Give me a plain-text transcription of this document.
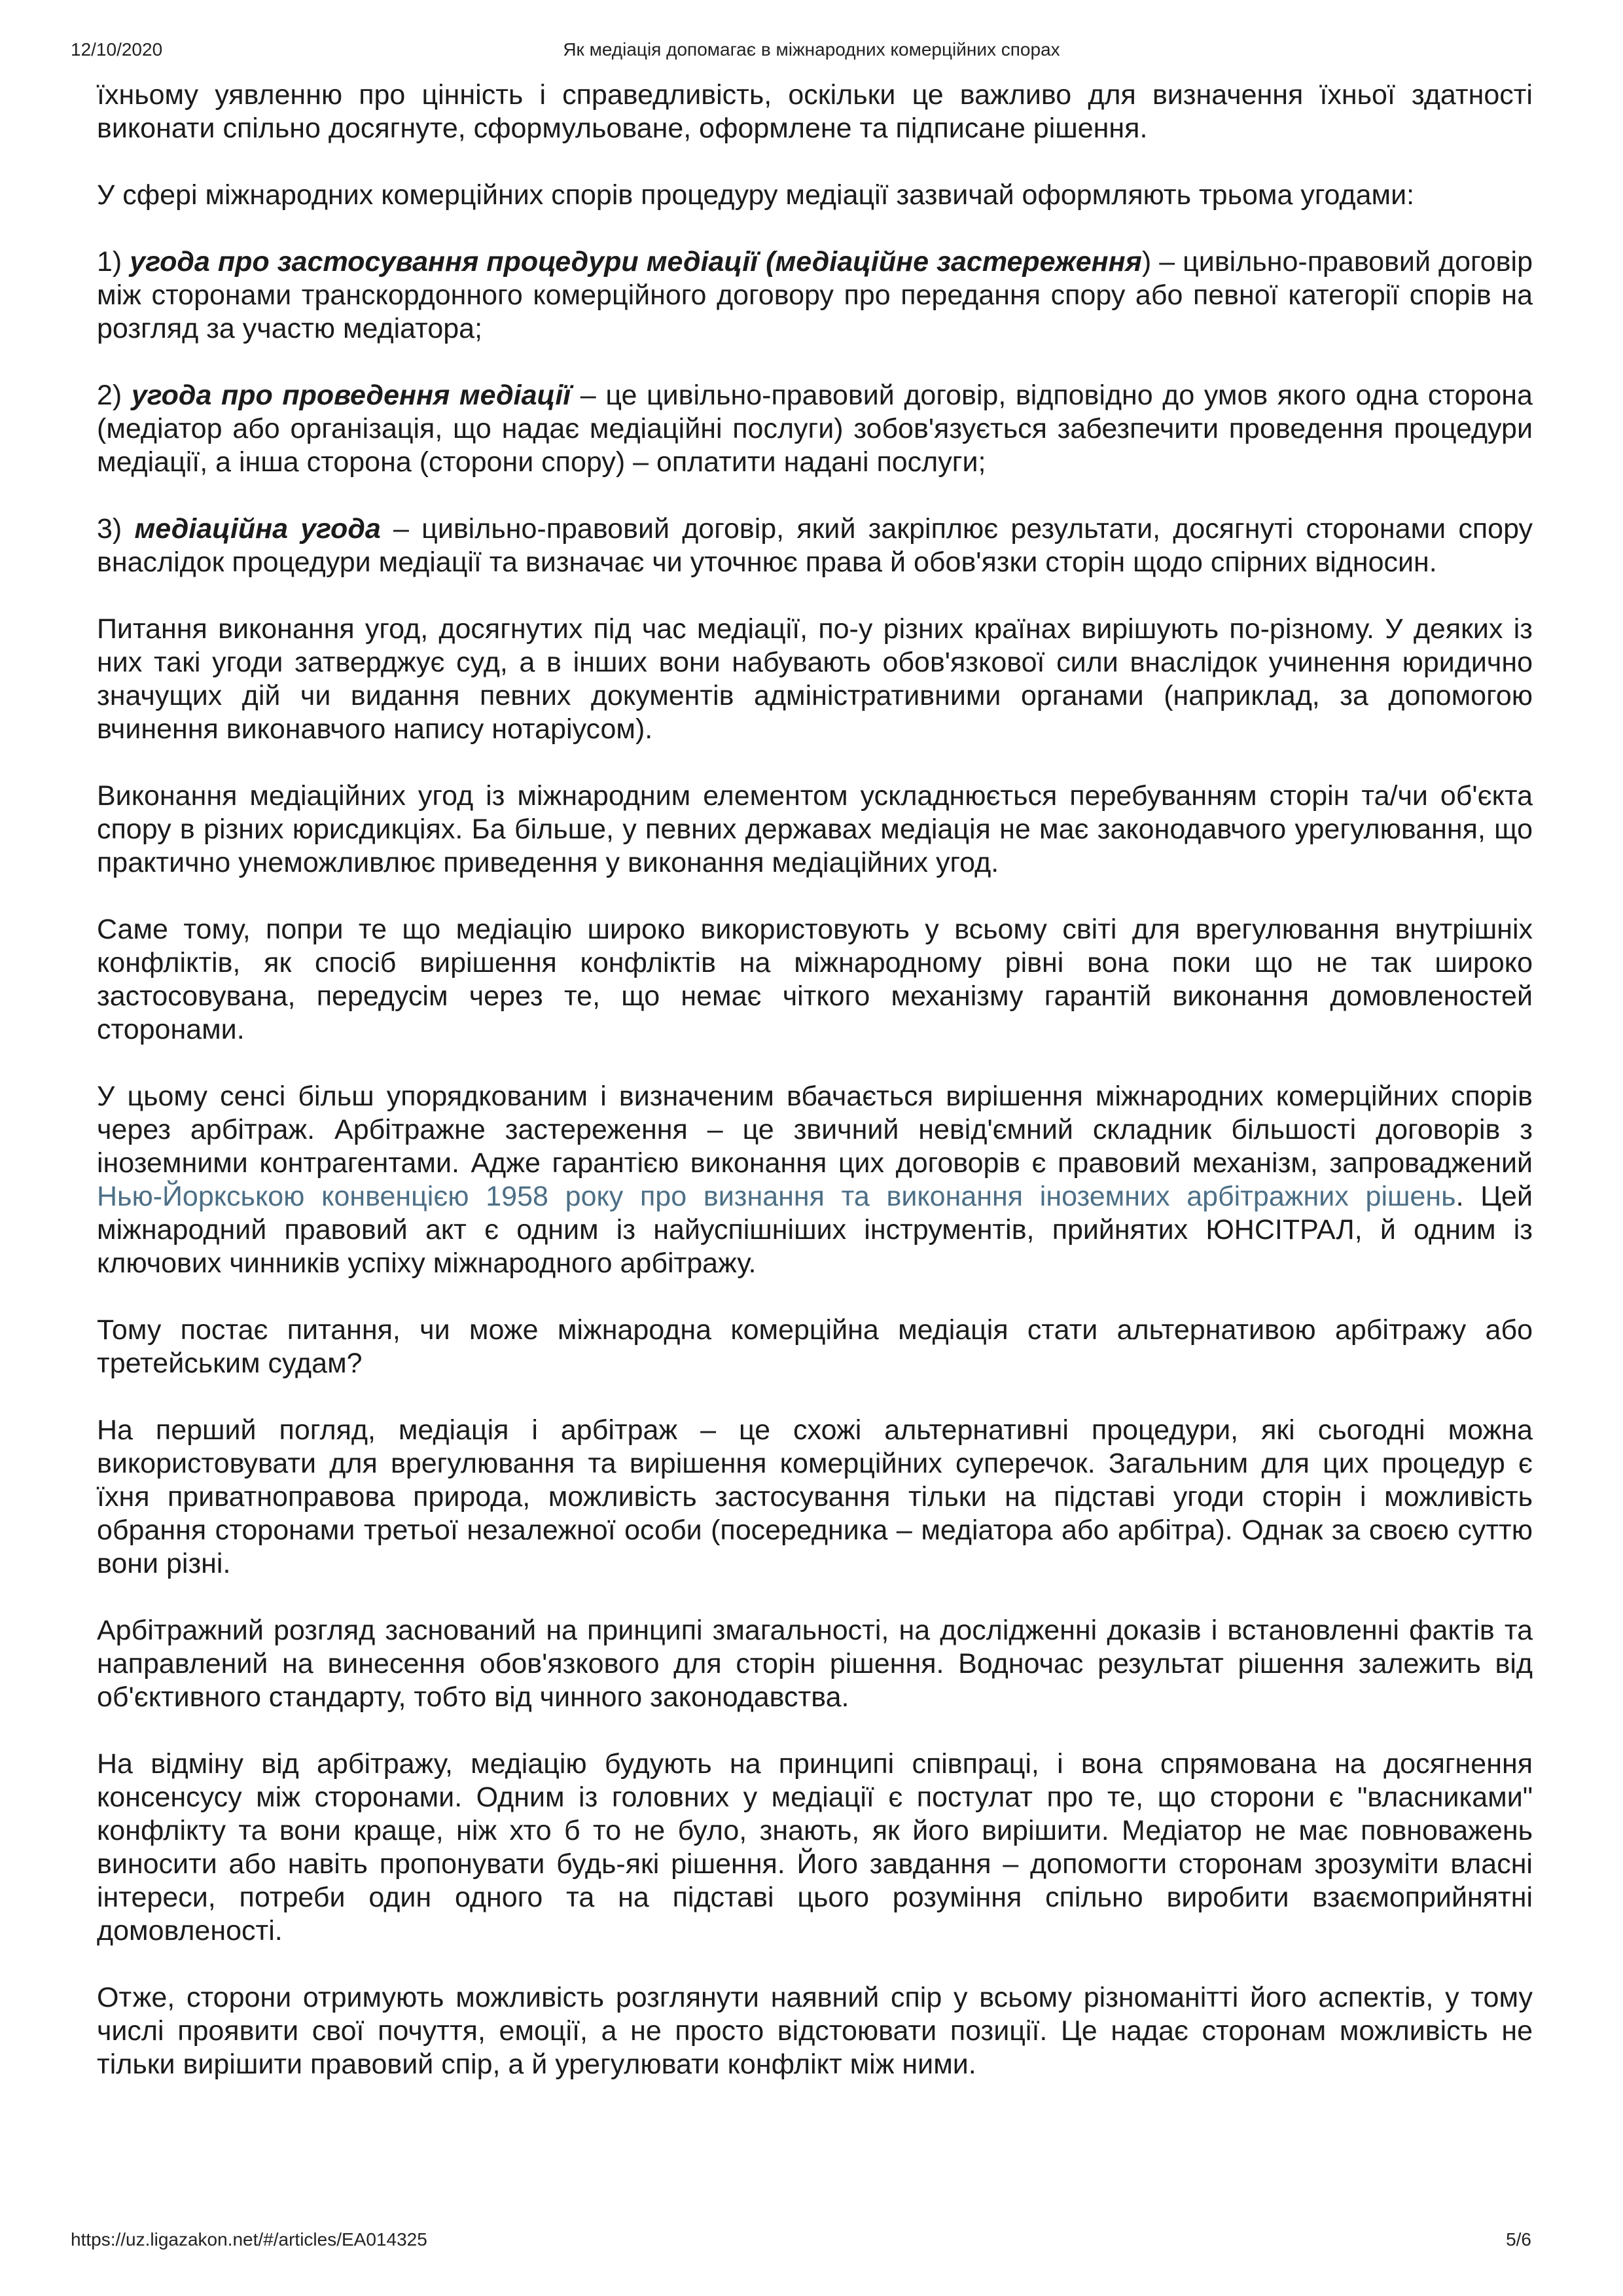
12/10/2020	Як медіація допомагає в міжнародних комерційних спорах

їхньому уявленню про цінність і справедливість, оскільки це важливо для визначення їхньої здатності виконати спільно досягнуте, сформульоване, оформлене та підписане рішення.

У сфері міжнародних комерційних спорів процедуру медіації зазвичай оформляють трьома угодами:

1) угода про застосування процедури медіації (медіаційне застереження) – цивільно-правовий договір між сторонами транскордонного комерційного договору про передання спору або певної категорії спорів на розгляд за участю медіатора;

2) угода про проведення медіації – це цивільно-правовий договір, відповідно до умов якого одна сторона (медіатор або організація, що надає медіаційні послуги) зобов'язується забезпечити проведення процедури медіації, а інша сторона (сторони спору) – оплатити надані послуги;

3) медіаційна угода – цивільно-правовий договір, який закріплює результати, досягнуті сторонами спору внаслідок процедури медіації та визначає чи уточнює права й обов'язки сторін щодо спірних відносин.

Питання виконання угод, досягнутих під час медіації, по-у різних країнах вирішують по-різному. У деяких із них такі угоди затверджує суд, а в інших вони набувають обов'язкової сили внаслідок учинення юридично значущих дій чи видання певних документів адміністративними органами (наприклад, за допомогою вчинення виконавчого напису нотаріусом).

Виконання медіаційних угод із міжнародним елементом ускладнюється перебуванням сторін та/чи об'єкта спору в різних юрисдикціях. Ба більше, у певних державах медіація не має законодавчого урегулювання, що практично унеможливлює приведення у виконання медіаційних угод.

Саме тому, попри те що медіацію широко використовують у всьому світі для врегулювання внутрішніх конфліктів, як спосіб вирішення конфліктів на міжнародному рівні вона поки що не так широко застосовувана, передусім через те, що немає чіткого механізму гарантій виконання домовленостей сторонами.

У цьому сенсі більш упорядкованим і визначеним вбачається вирішення міжнародних комерційних спорів через арбітраж. Арбітражне застереження – це звичний невід'ємний складник більшості договорів з іноземними контрагентами. Адже гарантією виконання цих договорів є правовий механізм, запроваджений Нью-Йоркською конвенцією 1958 року про визнання та виконання іноземних арбітражних рішень. Цей міжнародний правовий акт є одним із найуспішніших інструментів, прийнятих ЮНСІТРАЛ, й одним із ключових чинників успіху міжнародного арбітражу.

Тому постає питання, чи може міжнародна комерційна медіація стати альтернативою арбітражу або третейським судам?

На перший погляд, медіація і арбітраж – це схожі альтернативні процедури, які сьогодні можна використовувати для врегулювання та вирішення комерційних суперечок. Загальним для цих процедур є їхня приватноправова природа, можливість застосування тільки на підставі угоди сторін і можливість обрання сторонами третьої незалежної особи (посередника – медіатора або арбітра). Однак за своєю суттю вони різні.

Арбітражний розгляд заснований на принципі змагальності, на дослідженні доказів і встановленні фактів та направлений на винесення обов'язкового для сторін рішення. Водночас результат рішення залежить від об'єктивного стандарту, тобто від чинного законодавства.

На відміну від арбітражу, медіацію будують на принципі співпраці, і вона спрямована на досягнення консенсусу між сторонами. Одним із головних у медіації є постулат про те, що сторони є "власниками" конфлікту та вони краще, ніж хто б то не було, знають, як його вирішити. Медіатор не має повноважень виносити або навіть пропонувати будь-які рішення. Його завдання – допомогти сторонам зрозуміти власні інтереси, потреби один одного та на підставі цього розуміння спільно виробити взаємоприйнятні домовленості.

Отже, сторони отримують можливість розглянути наявний спір у всьому різноманітті його аспектів, у тому числі проявити свої почуття, емоції, а не просто відстоювати позиції. Це надає сторонам можливість не тільки вирішити правовий спір, а й урегулювати конфлікт між ними.

https://uz.ligazakon.net/#/articles/EA014325	5/6
